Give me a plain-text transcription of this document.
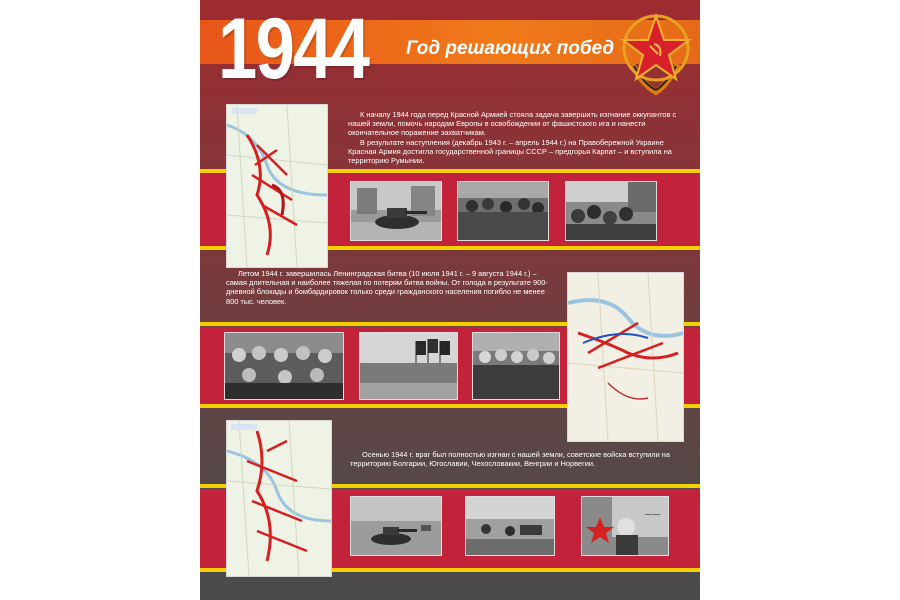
1944 Год решающих побед
К началу 1944 года перед Красной Армией стояла задача завершить изгнание оккупантов с нашей земли, помочь народам Европы в освобождении от фашистского ига и нанести окончательное поражение захватчикам.
В результате наступления (декабрь 1943 г. – апрель 1944 г.) на Правобережной Украине Красная Армия достигла государственной границы СССР – предгорья Карпат – и вступила на территорию Румынии.
Летом 1944 г. завершилась Ленинградская битва (10 июля 1941 г. – 9 августа 1944 г.) – самая длительная и наиболее тяжелая по потерям битва войны. От голода в результате 900-дневной блокады и бомбардировок только среди гражданского населения погибло не менее 800 тыс. человек.
Осенью 1944 г. враг был полностью изгнан с нашей земли, советские войска вступили на территорию Болгарии, Югославии, Чехословакии, Венгрии и Норвегии.
⁓⁓
